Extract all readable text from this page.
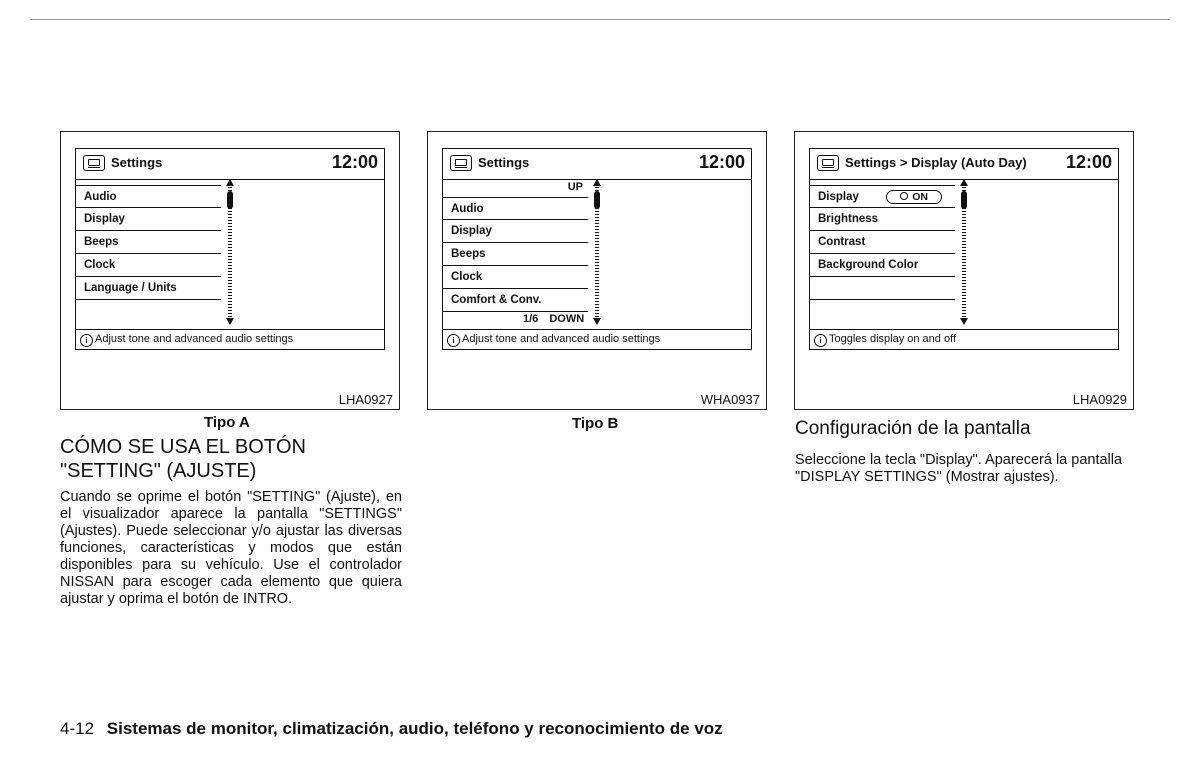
Settings	12:00
Audio
Display
Beeps
Clock
Language / Units
i Adjust tone and advanced audio settings
LHA0927
Tipo A
Settings	12:00
UP
Audio
Display
Beeps
Clock
Comfort & Conv.
1/6 DOWN
i Adjust tone and advanced audio settings
WHA0937
Tipo B
Settings > Display (Auto Day) 12:00
Display	ON
Brightness
Contrast
Background Color
i Toggles display on and off
LHA0929
CÓMO SE USA EL BOTÓN "SETTING" (AJUSTE)
Cuando se oprime el botón "SETTING" (Ajuste), en el visualizador aparece la pantalla "SETTINGS" (Ajustes). Puede seleccionar y/o ajustar las diversas funciones, características y modos que están disponibles para su vehículo. Use el controlador NISSAN para escoger cada elemento que quiera ajustar y oprima el botón de INTRO.
Configuración de la pantalla
Seleccione la tecla "Display". Aparecerá la pantalla "DISPLAY SETTINGS" (Mostrar ajustes).
4-12 Sistemas de monitor, climatización, audio, teléfono y reconocimiento de voz
